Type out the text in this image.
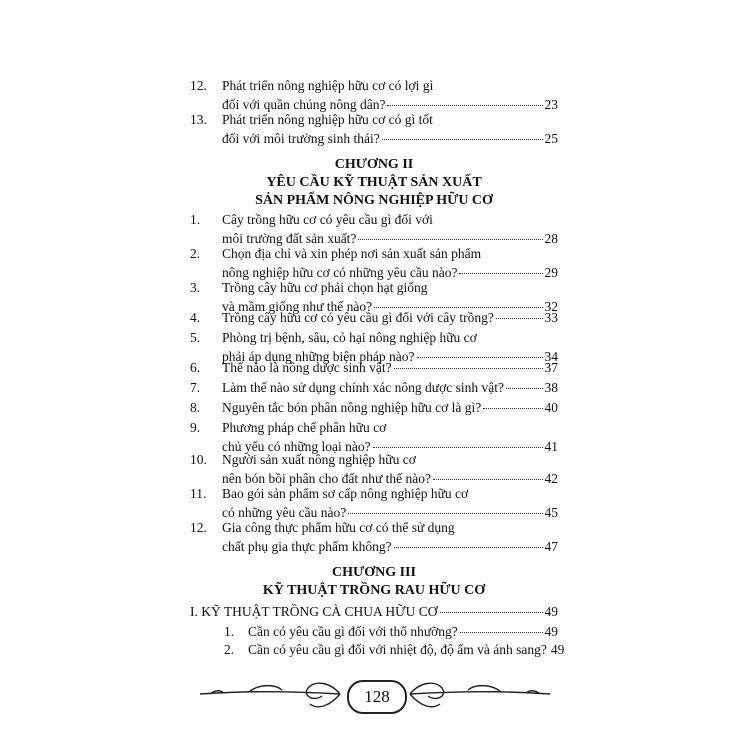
12.	Phát triển nông nghiệp hữu cơ có lợi gì
đối với quần chúng nông dân?	23
13.	Phát triển nông nghiệp hữu cơ có gì tốt
đối với môi trường sinh thái?	25
CHƯƠNG II
YÊU CẦU KỸ THUẬT SẢN XUẤT
SẢN PHẨM NÔNG NGHIỆP HỮU CƠ
1.	Cây trồng hữu cơ có yêu cầu gì đối với
môi trường đất sản xuất?	28
2.	Chọn địa chỉ và xin phép nơi sản xuất sản phẩm
nông nghiệp hữu cơ có những yêu cầu nào?	29
3.	Trồng cây hữu cơ phải chọn hạt giống
và mầm giống như thế nào?	32
4.	Trồng cây hữu cơ có yêu cầu gì đối với cây trồng?	33
5.	Phòng trị bệnh, sâu, cỏ hại nông nghiệp hữu cơ
phải áp dụng những biện pháp nào?	34
6.	Thế nào là nông dược sinh vật?	37
7.	Làm thế nào sử dụng chính xác nông dược sinh vật?	38
8.	Nguyên tắc bón phân nông nghiệp hữu cơ là gì?	40
9.	Phương pháp chế phân hữu cơ
chủ yếu có những loại nào?	41
10.	Người sản xuất nông nghiệp hữu cơ
nên bón bồi phân cho đất như thế nào?	42
11.	Bao gói sản phẩm sơ cấp nông nghiệp hữu cơ
có những yêu cầu nào?	45
12.	Gia công thực phẩm hữu cơ có thể sử dụng
chất phụ gia thực phẩm không?	47
CHƯƠNG III
KỸ THUẬT TRỒNG RAU HỮU CƠ
I. KỸ THUẬT TRỒNG CÀ CHUA HỮU CƠ	49
1.	Cần có yêu cầu gì đối với thổ nhưỡng?	49
2.	Cần có yêu cầu gì đối với nhiệt độ, độ ẩm và ánh sang? 49
128
